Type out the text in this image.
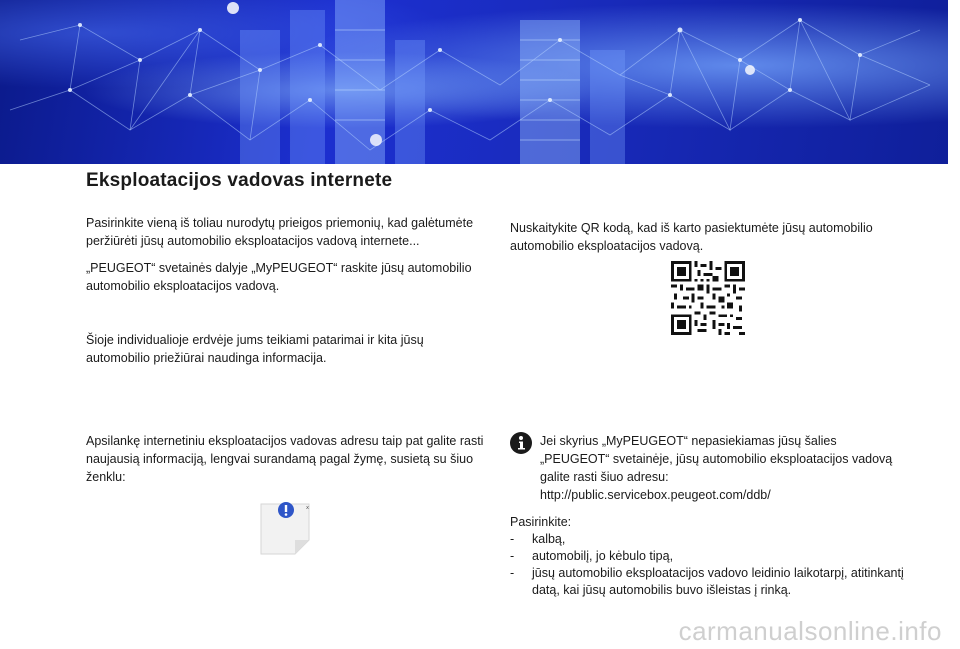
Eksploatacijos vadovas internete

Pasirinkite vieną iš toliau nurodytų prieigos priemonių, kad galėtumėte peržiūrėti jūsų automobilio eksploatacijos vadovą internete...

„PEUGEOT“ svetainės dalyje „MyPEUGEOT“ raskite jūsų automobilio automobilio eksploatacijos vadovą.

Šioje individualioje erdvėje jums teikiami patarimai ir kita jūsų automobilio priežiūrai naudinga informacija.

Apsilankę internetiniu eksploatacijos vadovas adresu taip pat galite rasti naujausią informaciją, lengvai surandamą pagal žymę, susietą su šiuo ženklu:

x

Nuskaitykite QR kodą, kad iš karto pasiektumėte jūsų automobilio automobilio eksploatacijos vadovą.

Jei skyrius „MyPEUGEOT“ nepasiekiamas jūsų šalies „PEUGEOT“ svetainėje, jūsų automobilio eksploatacijos vadovą galite rasti šiuo adresu:
http://public.servicebox.peugeot.com/ddb/

Pasirinkite:
-	kalbą,
-	automobilį, jo kėbulo tipą,
-	jūsų automobilio eksploatacijos vadovo leidinio laikotarpį, atitinkantį datą, kai jūsų automobilis buvo išleistas į rinką.
carmanualsonline.info
